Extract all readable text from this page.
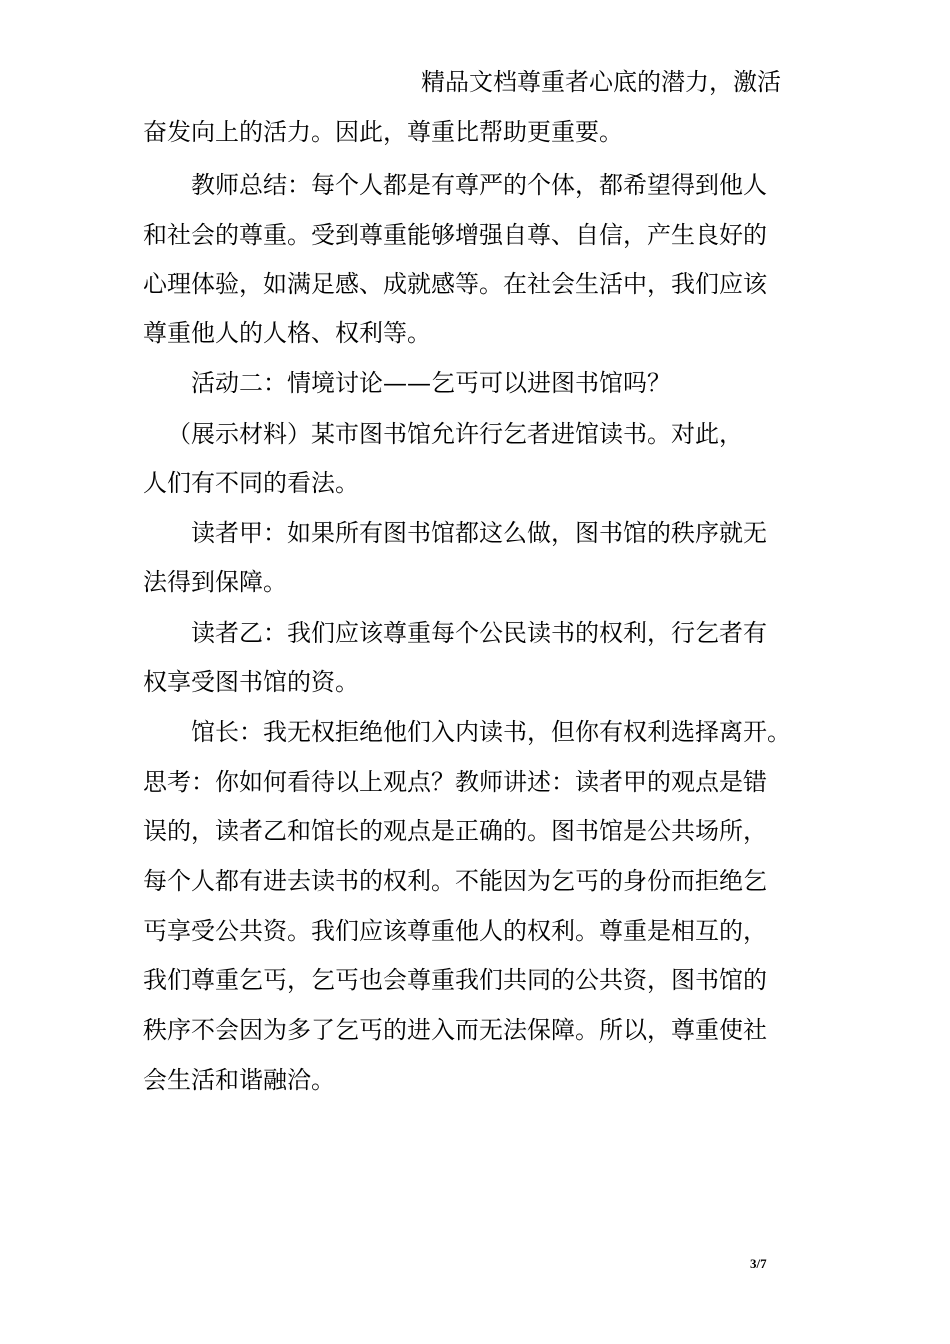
精品文档尊重者心底的潜力，激活

奋发向上的活力。因此，尊重比帮助更重要。

教师总结：每个人都是有尊严的个体，都希望得到他人

和社会的尊重。受到尊重能够增强自尊、自信，产生良好的

心理体验，如满足感、成就感等。在社会生活中，我们应该

尊重他人的人格、权利等。

活动二：情境讨论——乞丐可以进图书馆吗？

（展示材料）某市图书馆允许行乞者进馆读书。对此，

人们有不同的看法。

读者甲：如果所有图书馆都这么做，图书馆的秩序就无

法得到保障。

读者乙：我们应该尊重每个公民读书的权利，行乞者有

权享受图书馆的资。

馆长：我无权拒绝他们入内读书，但你有权利选择离开。

思考：你如何看待以上观点？教师讲述：读者甲的观点是错

误的，读者乙和馆长的观点是正确的。图书馆是公共场所，

每个人都有进去读书的权利。不能因为乞丐的身份而拒绝乞

丐享受公共资。我们应该尊重他人的权利。尊重是相互的，

我们尊重乞丐，乞丐也会尊重我们共同的公共资，图书馆的

秩序不会因为多了乞丐的进入而无法保障。所以，尊重使社

会生活和谐融洽。

3/7
